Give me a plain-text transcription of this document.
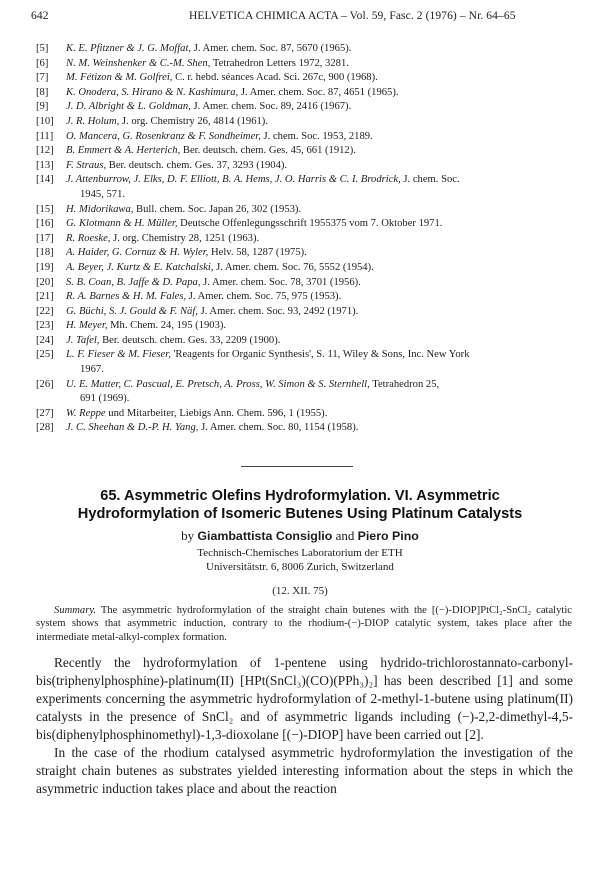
642	HELVETICA CHIMICA ACTA – Vol. 59, Fasc. 2 (1976) – Nr. 64–65
[5]	K. E. Pfitzner & J. G. Moffat, J. Amer. chem. Soc. 87, 5670 (1965).
[6]	N. M. Weinshenker & C.-M. Shen, Tetrahedron Letters 1972, 3281.
[7]	M. Fétizon & M. Golfrei, C. r. hebd. séances Acad. Sci. 267c, 900 (1968).
[8]	K. Onodera, S. Hirano & N. Kashimura, J. Amer. chem. Soc. 87, 4651 (1965).
[9]	J. D. Albright & L. Goldman, J. Amer. chem. Soc. 89, 2416 (1967).
[10]	J. R. Holum, J. org. Chemistry 26, 4814 (1961).
[11]	O. Mancera, G. Rosenkranz & F. Sondheimer, J. chem. Soc. 1953, 2189.
[12]	B. Emmert & A. Herterich, Ber. deutsch. chem. Ges. 45, 661 (1912).
[13]	F. Straus, Ber. deutsch. chem. Ges. 37, 3293 (1904).
[14]	J. Attenburrow, J. Elks, D. F. Elliott, B. A. Hems, J. O. Harris & C. I. Brodrick, J. chem. Soc.
1945, 571.
[15]	H. Midorikawa, Bull. chem. Soc. Japan 26, 302 (1953).
[16]	G. Klotmann & H. Müller, Deutsche Offenlegungsschrift 1955375 vom 7. Oktober 1971.
[17]	R. Roeske, J. org. Chemistry 28, 1251 (1963).
[18]	A. Haider, G. Cornuz & H. Wyler, Helv. 58, 1287 (1975).
[19]	A. Beyer, J. Kurtz & E. Katchalski, J. Amer. chem. Soc. 76, 5552 (1954).
[20]	S. B. Coan, B. Jaffe & D. Papa, J. Amer. chem. Soc. 78, 3701 (1956).
[21]	R. A. Barnes & H. M. Fales, J. Amer. chem. Soc. 75, 975 (1953).
[22]	G. Büchi, S. J. Gould & F. Näf, J. Amer. chem. Soc. 93, 2492 (1971).
[23]	H. Meyer, Mh. Chem. 24, 195 (1903).
[24]	J. Tafel, Ber. deutsch. chem. Ges. 33, 2209 (1900).
[25]	L. F. Fieser & M. Fieser, 'Reagents for Organic Synthesis', S. 11, Wiley & Sons, Inc. New York
1967.
[26]	U. E. Matter, C. Pascual, E. Pretsch, A. Pross, W. Simon & S. Sternhell, Tetrahedron 25,
691 (1969).
[27]	W. Reppe und Mitarbeiter, Liebigs Ann. Chem. 596, 1 (1955).
[28]	J. C. Sheehan & D.-P. H. Yang, J. Amer. chem. Soc. 80, 1154 (1958).
65. Asymmetric Olefins Hydroformylation. VI. Asymmetric
Hydroformylation of Isomeric Butenes Using Platinum Catalysts
by Giambattista Consiglio and Piero Pino
Technisch-Chemisches Laboratorium der ETH
Universitätstr. 6, 8006 Zurich, Switzerland
(12. XII. 75)
Summary. The asymmetric hydroformylation of the straight chain butenes with the [(−)-DIOP]PtCl₂-SnCl₂ catalytic system shows that asymmetric induction, contrary to the rhodium-(−)-DIOP catalytic system, takes place after the intermediate metal-alkyl-complex formation.

Recently the hydroformylation of 1-pentene using hydrido-trichlorostannato-carbonyl-bis(triphenylphosphine)-platinum(II) [HPt(SnCl₃)(CO)(PPh₃)₂] has been described [1] and some experiments concerning the asymmetric hydroformylation of 2-methyl-1-butene using platinum(II) catalysts in the presence of SnCl₂ and of asymmetric ligands including (−)-2,2-dimethyl-4,5-bis(diphenylphosphinomethyl)-1,3-dioxolane [(−)-DIOP] have been carried out [2].

In the case of the rhodium catalysed asymmetric hydroformylation the investigation of the straight chain butenes as substrates yielded interesting information about the steps in which the asymmetric induction takes place and about the reaction
